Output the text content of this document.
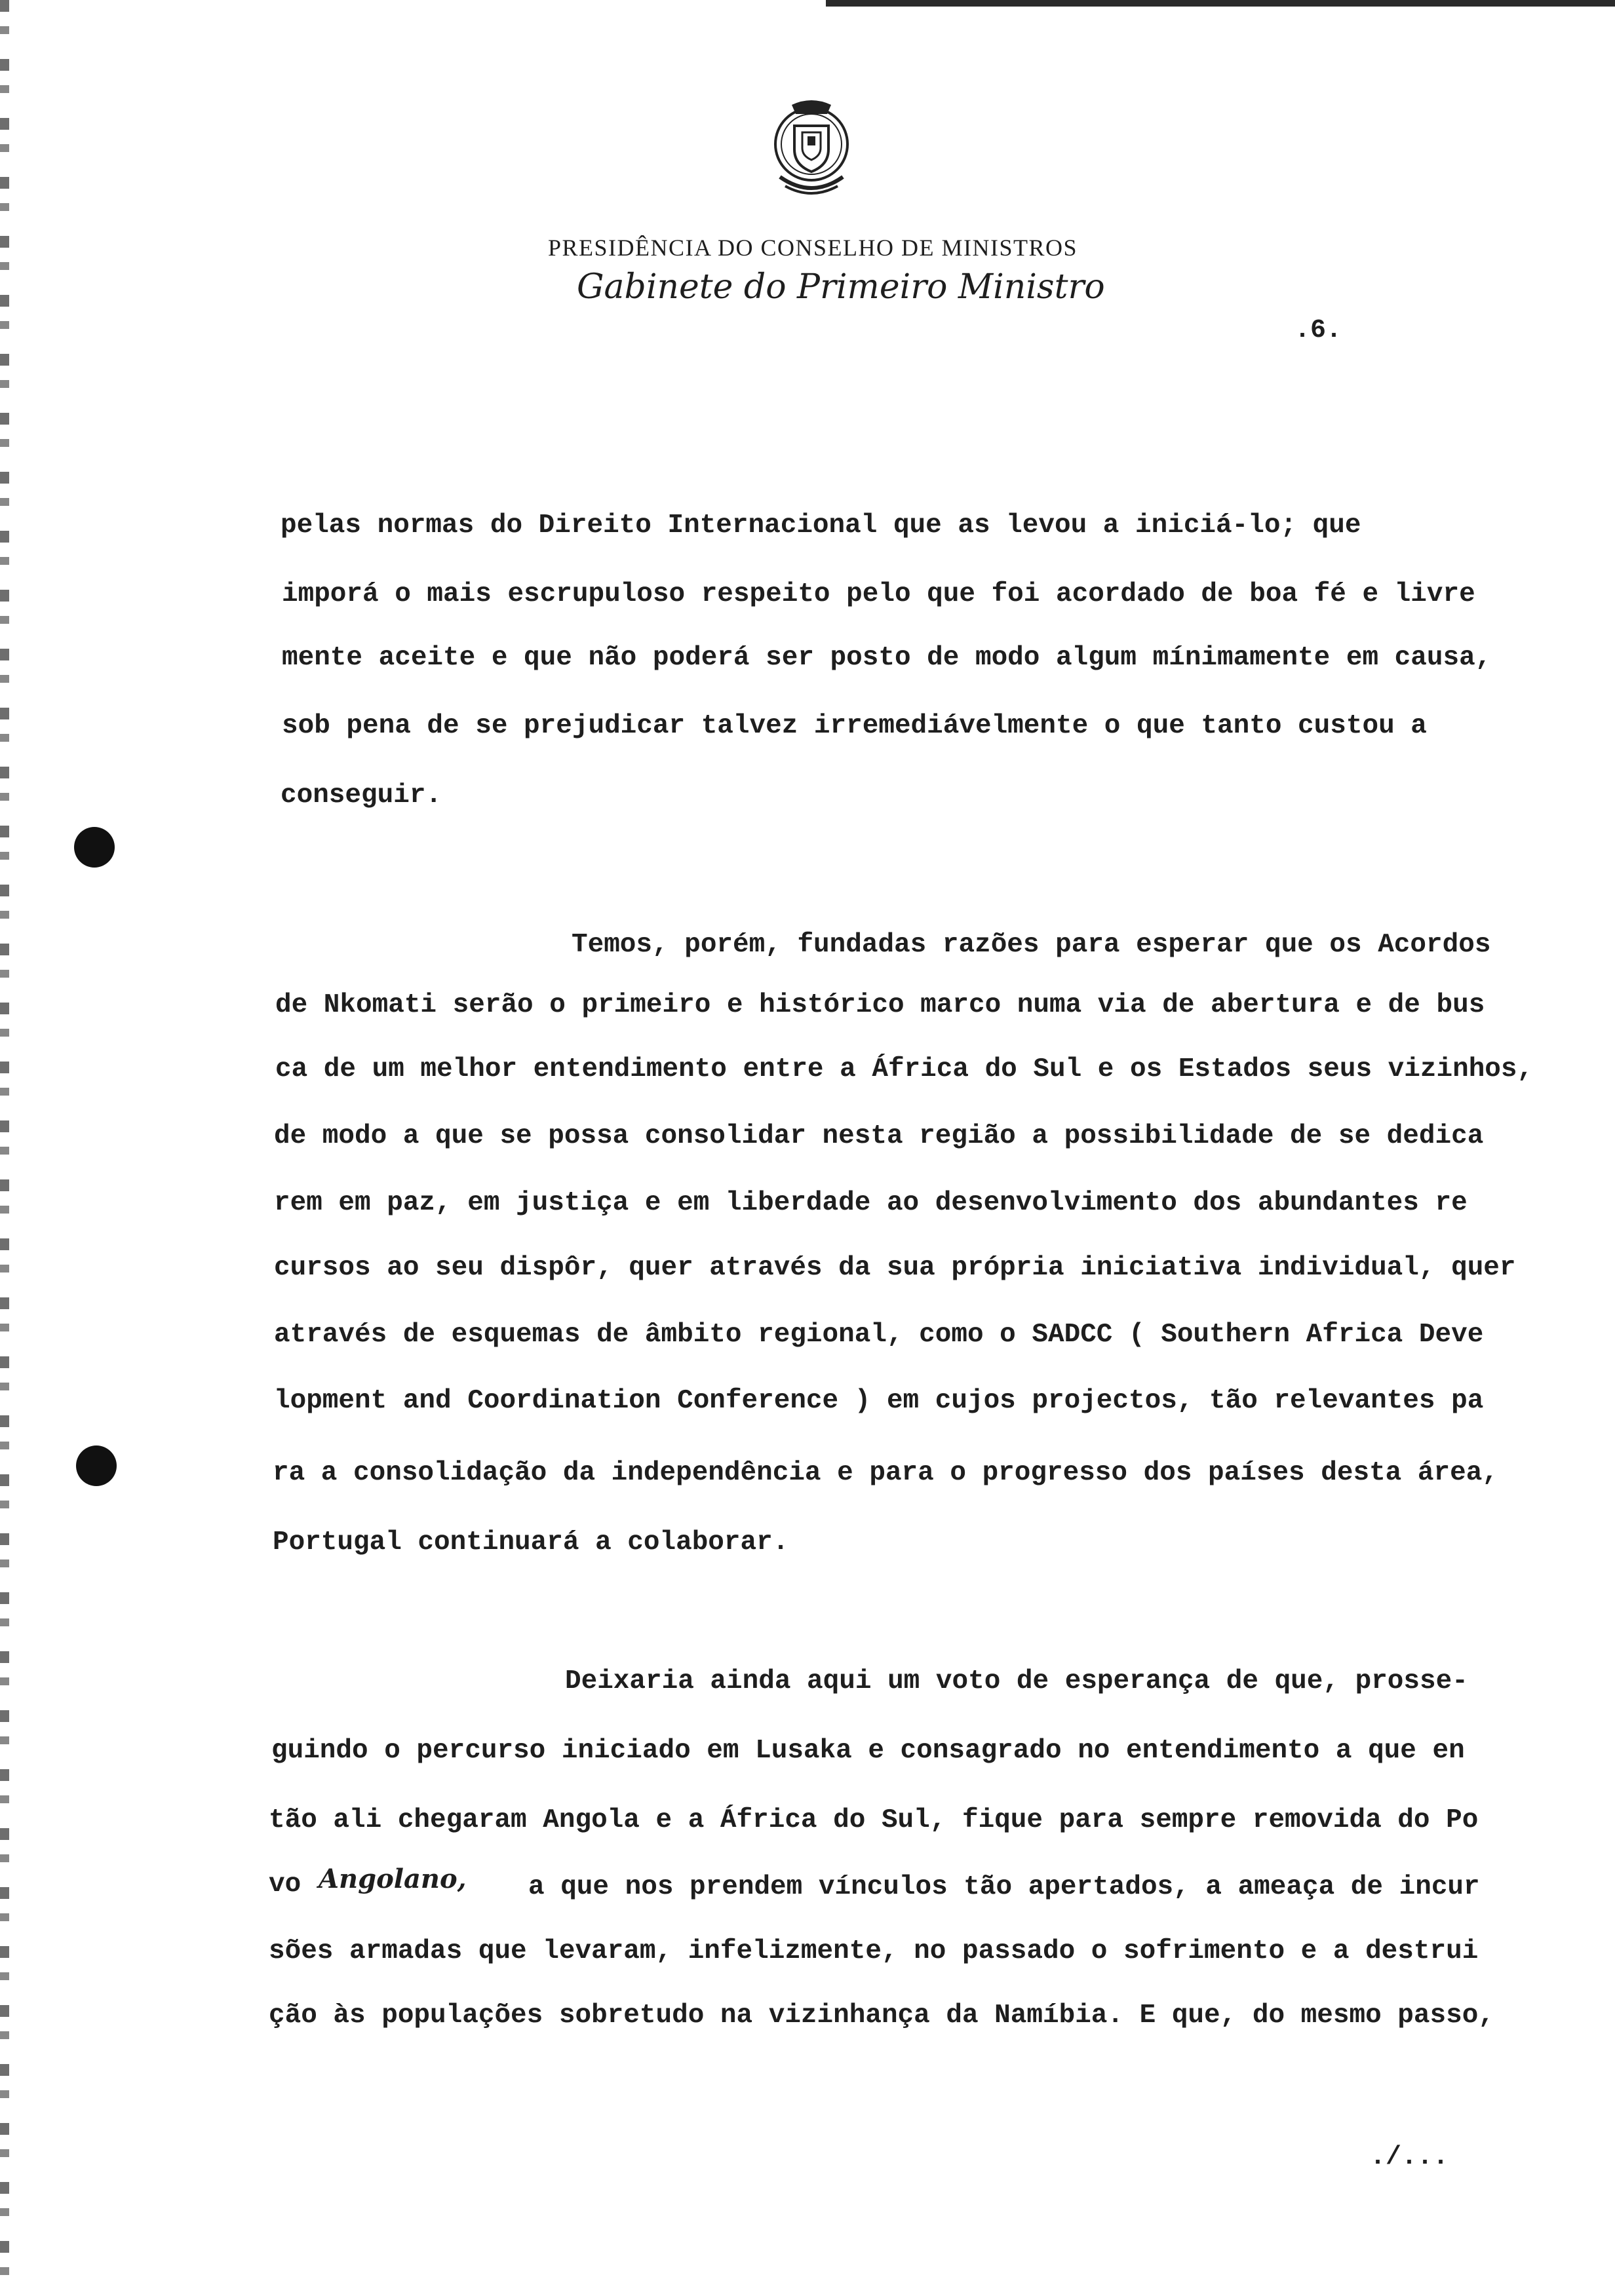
PRESIDÊNCIA DO CONSELHO DE MINISTROS
Gabinete do Primeiro Ministro
.6.
pelas normas do Direito Internacional que as levou a iniciá-lo; que
imporá o mais escrupuloso respeito pelo que foi acordado de boa fé e livre
mente aceite e que não poderá ser posto de modo algum mínimamente em causa,
sob pena de se prejudicar talvez irremediávelmente o que tanto custou a
conseguir.
Temos, porém, fundadas razões para esperar que os Acordos
de Nkomati serão o primeiro e histórico marco numa via de abertura e de bus
ca de um melhor entendimento entre a África do Sul e os Estados seus vizinhos,
de modo a que se possa consolidar nesta região a possibilidade de se dedica
rem em paz, em justiça e em liberdade ao desenvolvimento dos abundantes re
cursos ao seu dispôr, quer através da sua própria iniciativa individual, quer
através de esquemas de âmbito regional, como o SADCC ( Southern Africa Deve
lopment and Coordination Conference ) em cujos projectos, tão relevantes pa
ra a consolidação da independência e para o progresso dos países desta área,
Portugal continuará a colaborar.
Deixaria ainda aqui um voto de esperança de que, prosse-
guindo o percurso iniciado em Lusaka e consagrado no entendimento a que en
tão ali chegaram Angola e a África do Sul, fique para sempre removida do Po
vo Angolano, a que nos prendem vínculos tão apertados, a ameaça de incur
sões armadas que levaram, infelizmente, no passado o sofrimento e a destrui
ção às populações sobretudo na vizinhança da Namíbia. E que, do mesmo passo,
./...
